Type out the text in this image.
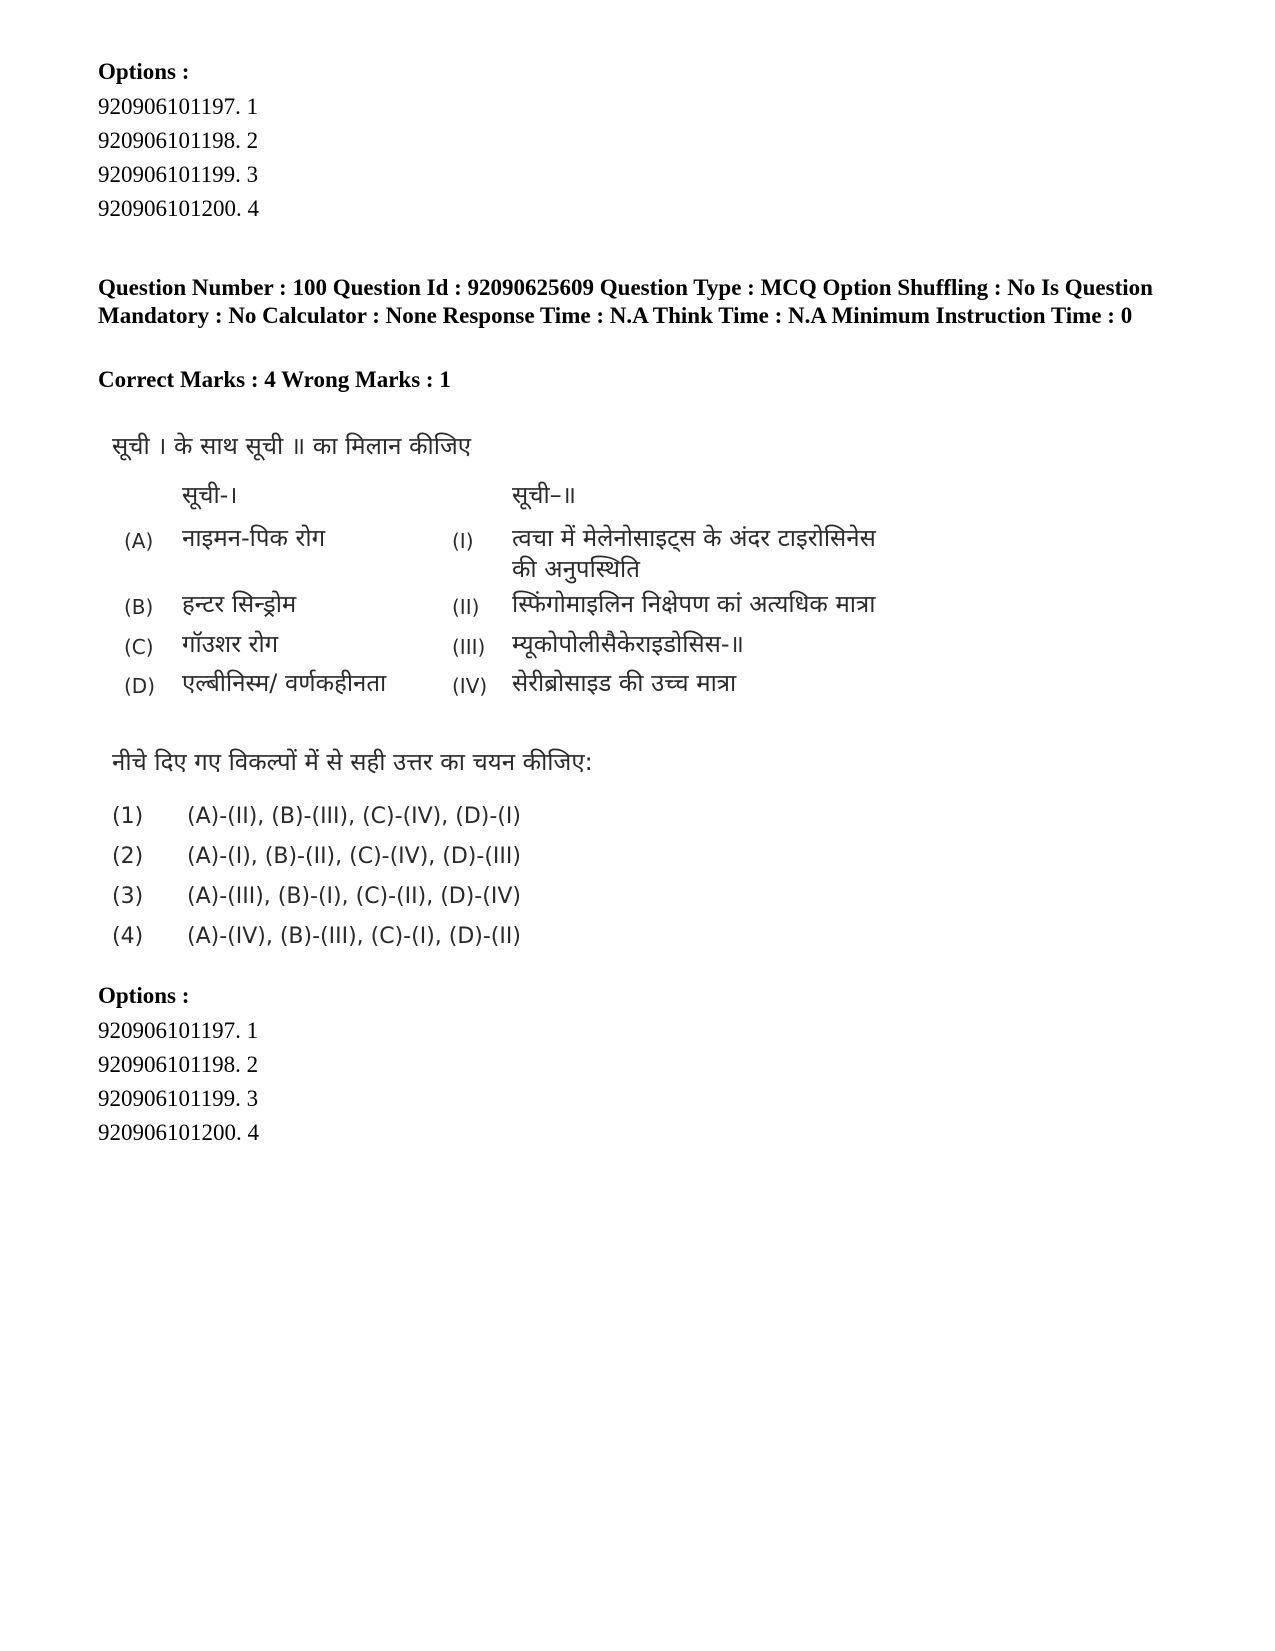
Options :
920906101197. 1
920906101198. 2
920906101199. 3
920906101200. 4
Question Number : 100 Question Id : 92090625609 Question Type : MCQ Option Shuffling : No Is Question Mandatory : No Calculator : None Response Time : N.A Think Time : N.A Minimum Instruction Time : 0
Correct Marks : 4 Wrong Marks : 1
सूची । के साथ सूची ॥ का मिलान कीजिए
सूची-।	सूची–॥
(A) नाइमन-पिक रोग	(I) त्वचा में मेलेनोसाइट्स के अंदर टाइरोसिनेस
की अनुपस्थिति
(B) हन्टर सिन्ड्रोम	(II) स्फिंगोमाइलिन निक्षेपण कां अत्यधिक मात्रा
(C) गॉउशर रोग	(III) म्यूकोपोलीसैकेराइडोसिस-॥
(D) एल्बीनिस्म/ वर्णकहीनता	(IV) सेरीब्रोसाइड की उच्च मात्रा
नीचे दिए गए विकल्पों में से सही उत्तर का चयन कीजिए:
(1) (A)-(II), (B)-(III), (C)-(IV), (D)-(I)
(2) (A)-(I), (B)-(II), (C)-(IV), (D)-(III)
(3) (A)-(III), (B)-(I), (C)-(II), (D)-(IV)
(4) (A)-(IV), (B)-(III), (C)-(I), (D)-(II)
Options :
920906101197. 1
920906101198. 2
920906101199. 3
920906101200. 4
